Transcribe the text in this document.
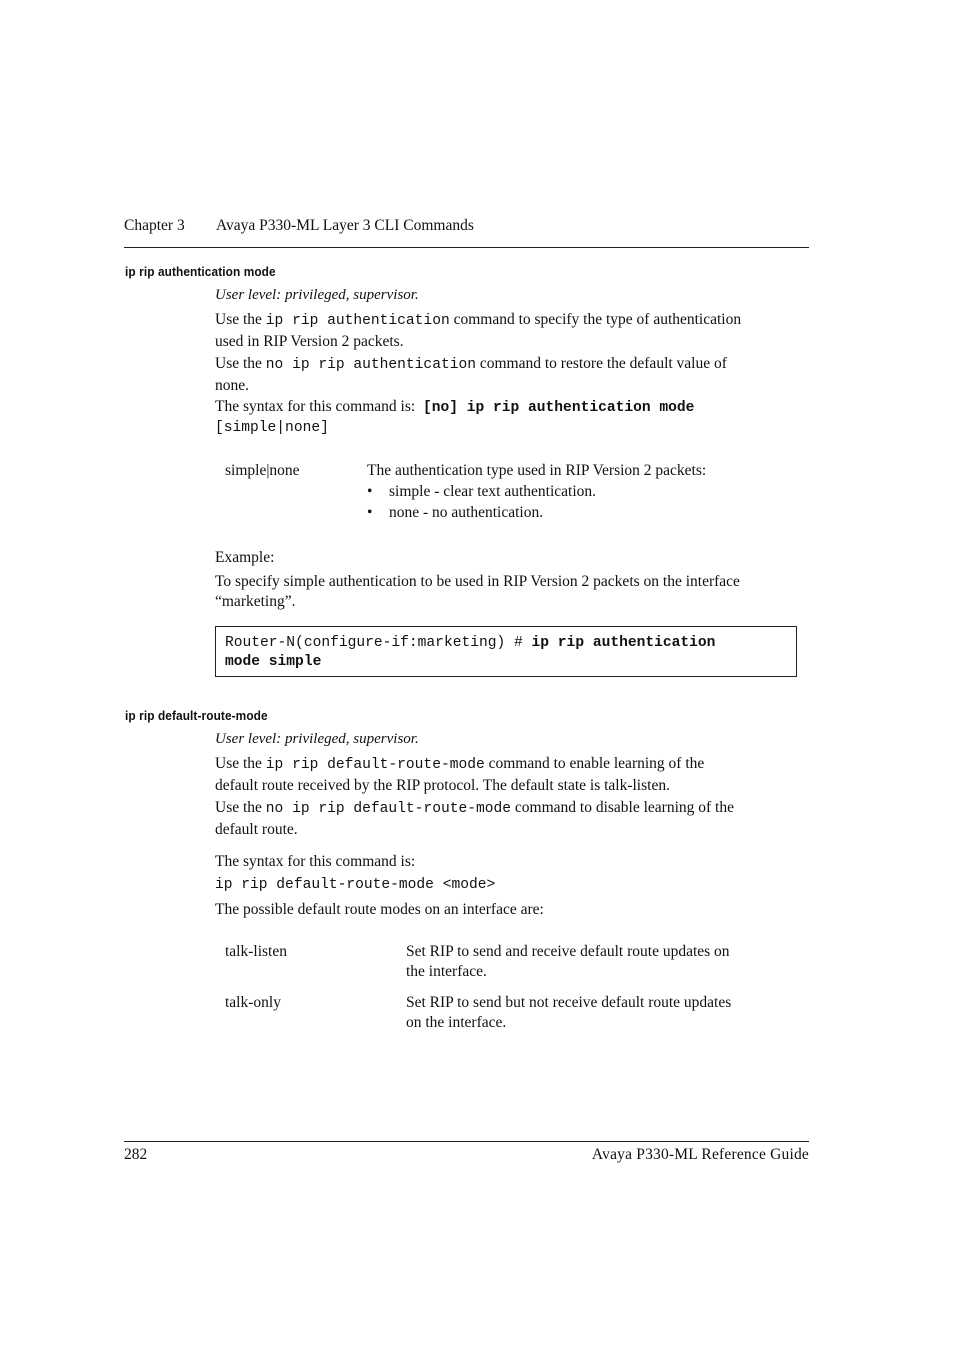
Chapter 3 Avaya P330-ML Layer 3 CLI Commands
ip rip authentication mode
User level: privileged, supervisor.
Use the ip rip authentication command to specify the type of authentication
used in RIP Version 2 packets.
Use the no ip rip authentication command to restore the default value of
none.
The syntax for this command is: [no] ip rip authentication mode
[simple|none]
simple|none	The authentication type used in RIP Version 2 packets:
• simple - clear text authentication.
• none - no authentication.
Example:
To specify simple authentication to be used in RIP Version 2 packets on the interface
“marketing”.
Router-N(configure-if:marketing) # ip rip authentication
mode simple
ip rip default-route-mode
User level: privileged, supervisor.
Use the ip rip default-route-mode command to enable learning of the
default route received by the RIP protocol. The default state is talk-listen.
Use the no ip rip default-route-mode command to disable learning of the
default route.
The syntax for this command is:
ip rip default-route-mode <mode>
The possible default route modes on an interface are:
talk-listen	Set RIP to send and receive default route updates on
the interface.
talk-only	Set RIP to send but not receive default route updates
on the interface.
282	Avaya P330-ML Reference Guide
